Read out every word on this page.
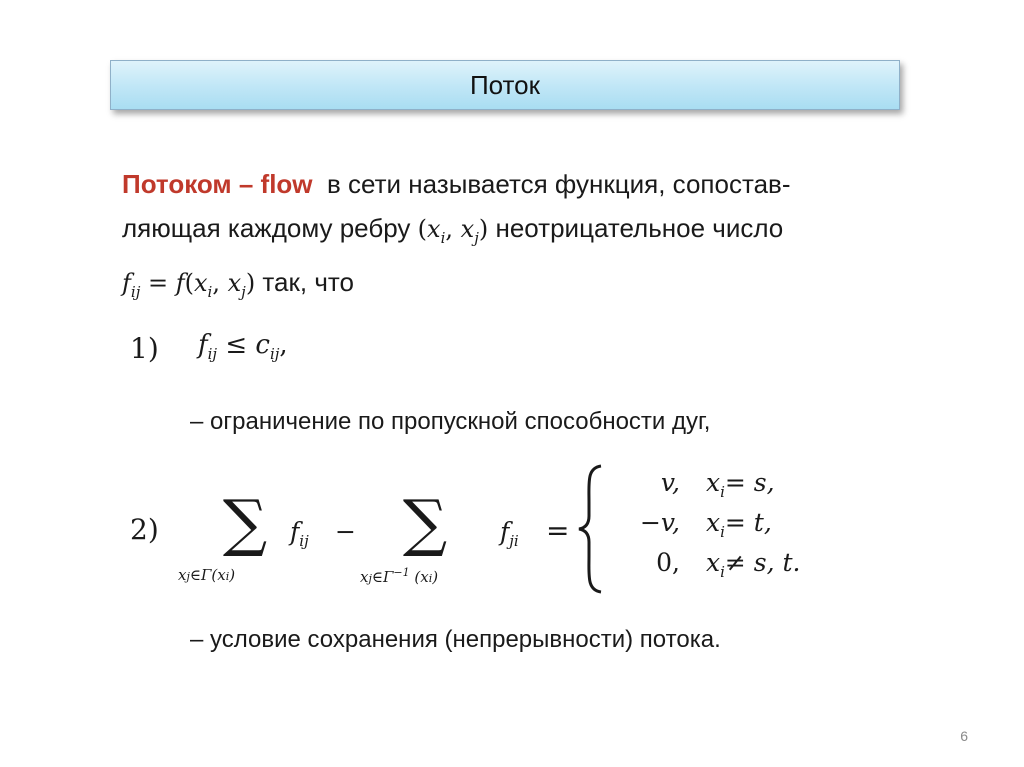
Поток
Потоком – flow в сети называется функция, сопостав-
ляющая каждому ребру ($x_i$, $x_j$) неотрицательное число
$f_{ij} = f(x_i$, $x_j$) так, что
1) $f_{ij} \le c_{ij}$,
– ограничение по пропускной способности дуг,
2)	∑
xj∈Γ(xi)
$f_{ij}$ − ∑
$xj\in\Gamma^{-1}$ (xi)
$f_{ji}$ =
v, $x_i= s$,
−v, $x_i= t$,
0, $x_i\ne s$, t.
– условие сохранения (непрерывности) потока.
6
